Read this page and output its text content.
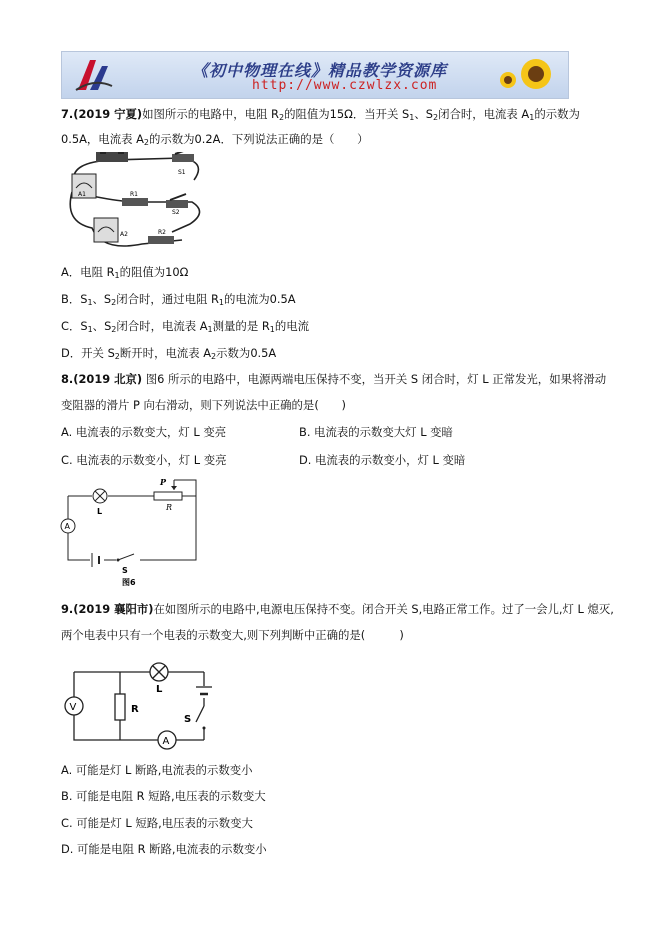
《初中物理在线》精品教学资源库
http://www.czwlzx.com
7.(2019 宁夏)如图所示的电路中，电阻 $R_2$的阻值为15Ω．当开关 $S_1$、$S_2$闭合时，电流表 $A_1$的示数为
0.5A，电流表 $A_2$的示数为0.2A．下列说法正确的是（　　）
S1
A1	R1
S2
A2	R2
A．电阻 $R_1$的阻值为10Ω
B．$S_1$、$S_2$闭合时，通过电阻 $R_1$的电流为0.5A
C．$S_1$、$S_2$闭合时，电流表 $A_1$测量的是 $R_1$的电流
D．开关 $S_2$断开时，电流表 $A_2$示数为0.5A
8.(2019 北京) 图6 所示的电路中，电源两端电压保持不变，当开关 S 闭合时，灯 L 正常发光，如果将滑动
变阻器的滑片 P 向右滑动，则下列说法中正确的是(　　)
A. 电流表的示数变大，灯 L 变亮	B. 电流表的示数变大灯 L 变暗
C. 电流表的示数变小，灯 L 变亮	D. 电流表的示数变小，灯 L 变暗
L
P
R
A
S
图6
9.(2019 襄阳市)在如图所示的电路中,电源电压保持不变。闭合开关 S,电路正常工作。过了一会儿,灯 L 熄灭,
两个电表中只有一个电表的示数变大,则下列判断中正确的是(　　　)
V	R
L
S
A
A. 可能是灯 L 断路,电流表的示数变小
B. 可能是电阻 R 短路,电压表的示数变大
C. 可能是灯 L 短路,电压表的示数变大
D. 可能是电阻 R 断路,电流表的示数变小
